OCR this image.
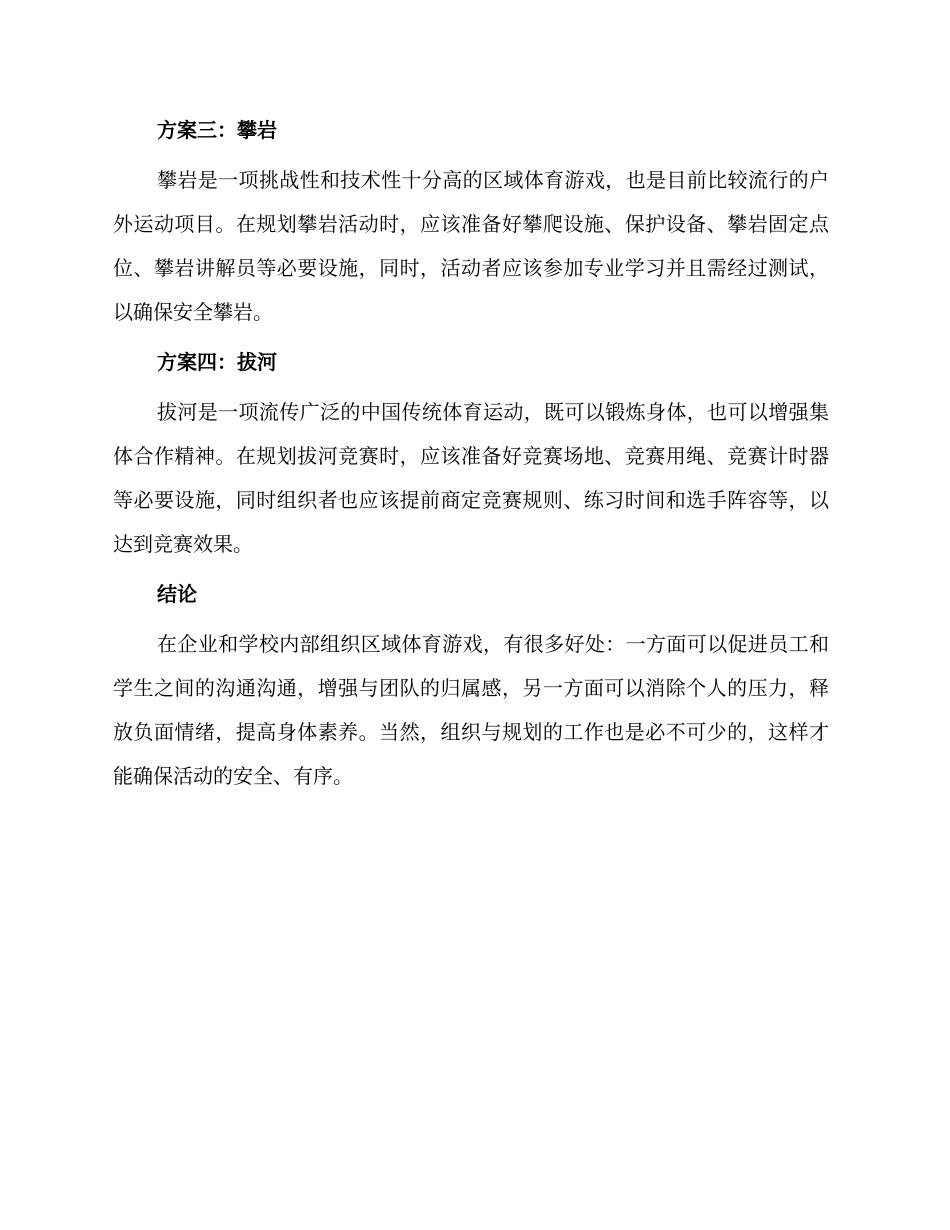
方案三：攀岩

攀岩是一项挑战性和技术性十分高的区域体育游戏，也是目前比较流行的户外运动项目。在规划攀岩活动时，应该准备好攀爬设施、保护设备、攀岩固定点位、攀岩讲解员等必要设施，同时，活动者应该参加专业学习并且需经过测试，以确保安全攀岩。

方案四：拔河

拔河是一项流传广泛的中国传统体育运动，既可以锻炼身体，也可以增强集体合作精神。在规划拔河竞赛时，应该准备好竞赛场地、竞赛用绳、竞赛计时器等必要设施，同时组织者也应该提前商定竞赛规则、练习时间和选手阵容等，以达到竞赛效果。

结论

在企业和学校内部组织区域体育游戏，有很多好处：一方面可以促进员工和学生之间的沟通沟通，增强与团队的归属感，另一方面可以消除个人的压力，释放负面情绪，提高身体素养。当然，组织与规划的工作也是必不可少的，这样才能确保活动的安全、有序。
